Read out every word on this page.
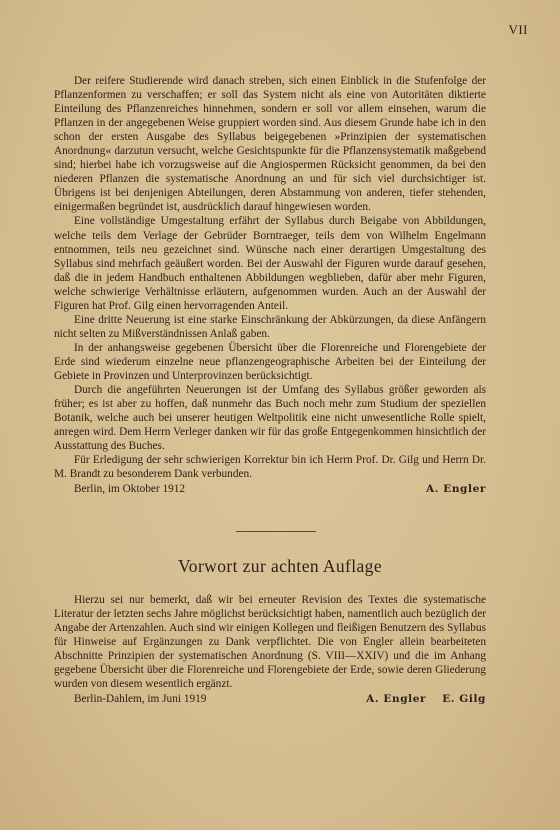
VII

Der reifere Studierende wird danach streben, sich einen Einblick in die Stufenfolge der Pflanzenformen zu verschaffen; er soll das System nicht als eine von Autoritäten diktierte Einteilung des Pflanzenreiches hinnehmen, sondern er soll vor allem einsehen, warum die Pflanzen in der angegebenen Weise gruppiert worden sind. Aus diesem Grunde habe ich in den schon der ersten Ausgabe des Syllabus beigegebenen »Prinzipien der systematischen Anordnung« darzutun versucht, welche Gesichtspunkte für die Pflanzensystematik maßgebend sind; hierbei habe ich vorzugsweise auf die Angiospermen Rücksicht genommen, da bei den niederen Pflanzen die systematische Anordnung an und für sich viel durchsichtiger ist. Übrigens ist bei denjenigen Abteilungen, deren Abstammung von anderen, tiefer stehenden, einigermaßen begründet ist, ausdrücklich darauf hingewiesen worden.

Eine vollständige Umgestaltung erfährt der Syllabus durch Beigabe von Abbildungen, welche teils dem Verlage der Gebrüder Borntraeger, teils dem von Wilhelm Engelmann entnommen, teils neu gezeichnet sind. Wünsche nach einer derartigen Umgestaltung des Syllabus sind mehrfach geäußert worden. Bei der Auswahl der Figuren wurde darauf gesehen, daß die in jedem Handbuch enthaltenen Abbildungen wegblieben, dafür aber mehr Figuren, welche schwierige Verhältnisse erläutern, aufgenommen wurden. Auch an der Auswahl der Figuren hat Prof. Gilg einen hervorragenden Anteil.

Eine dritte Neuerung ist eine starke Einschränkung der Abkürzungen, da diese Anfängern nicht selten zu Mißverständnissen Anlaß gaben.

In der anhangsweise gegebenen Übersicht über die Florenreiche und Florengebiete der Erde sind wiederum einzelne neue pflanzengeographische Arbeiten bei der Einteilung der Gebiete in Provinzen und Unterprovinzen berücksichtigt.

Durch die angeführten Neuerungen ist der Umfang des Syllabus größer geworden als früher; es ist aber zu hoffen, daß nunmehr das Buch noch mehr zum Studium der speziellen Botanik, welche auch bei unserer heutigen Weltpolitik eine nicht unwesentliche Rolle spielt, anregen wird. Dem Herrn Verleger danken wir für das große Entgegenkommen hinsichtlich der Ausstattung des Buches.

Für Erledigung der sehr schwierigen Korrektur bin ich Herrn Prof. Dr. Gilg und Herrn Dr. M. Brandt zu besonderem Dank verbunden.

Berlin, im Oktober 1912	A. Engler
Vorwort zur achten Auflage

Hierzu sei nur bemerkt, daß wir bei erneuter Revision des Textes die systematische Literatur der letzten sechs Jahre möglichst berücksichtigt haben, namentlich auch bezüglich der Angabe der Artenzahlen. Auch sind wir einigen Kollegen und fleißigen Benutzern des Syllabus für Hinweise auf Ergänzungen zu Dank verpflichtet. Die von Engler allein bearbeiteten Abschnitte Prinzipien der systematischen Anordnung (S. VIII—XXIV) und die im Anhang gegebene Übersicht über die Florenreiche und Florengebiete der Erde, sowie deren Gliederung wurden von diesem wesentlich ergänzt.

Berlin-Dahlem, im Juni 1919	A. Engler E. Gilg
